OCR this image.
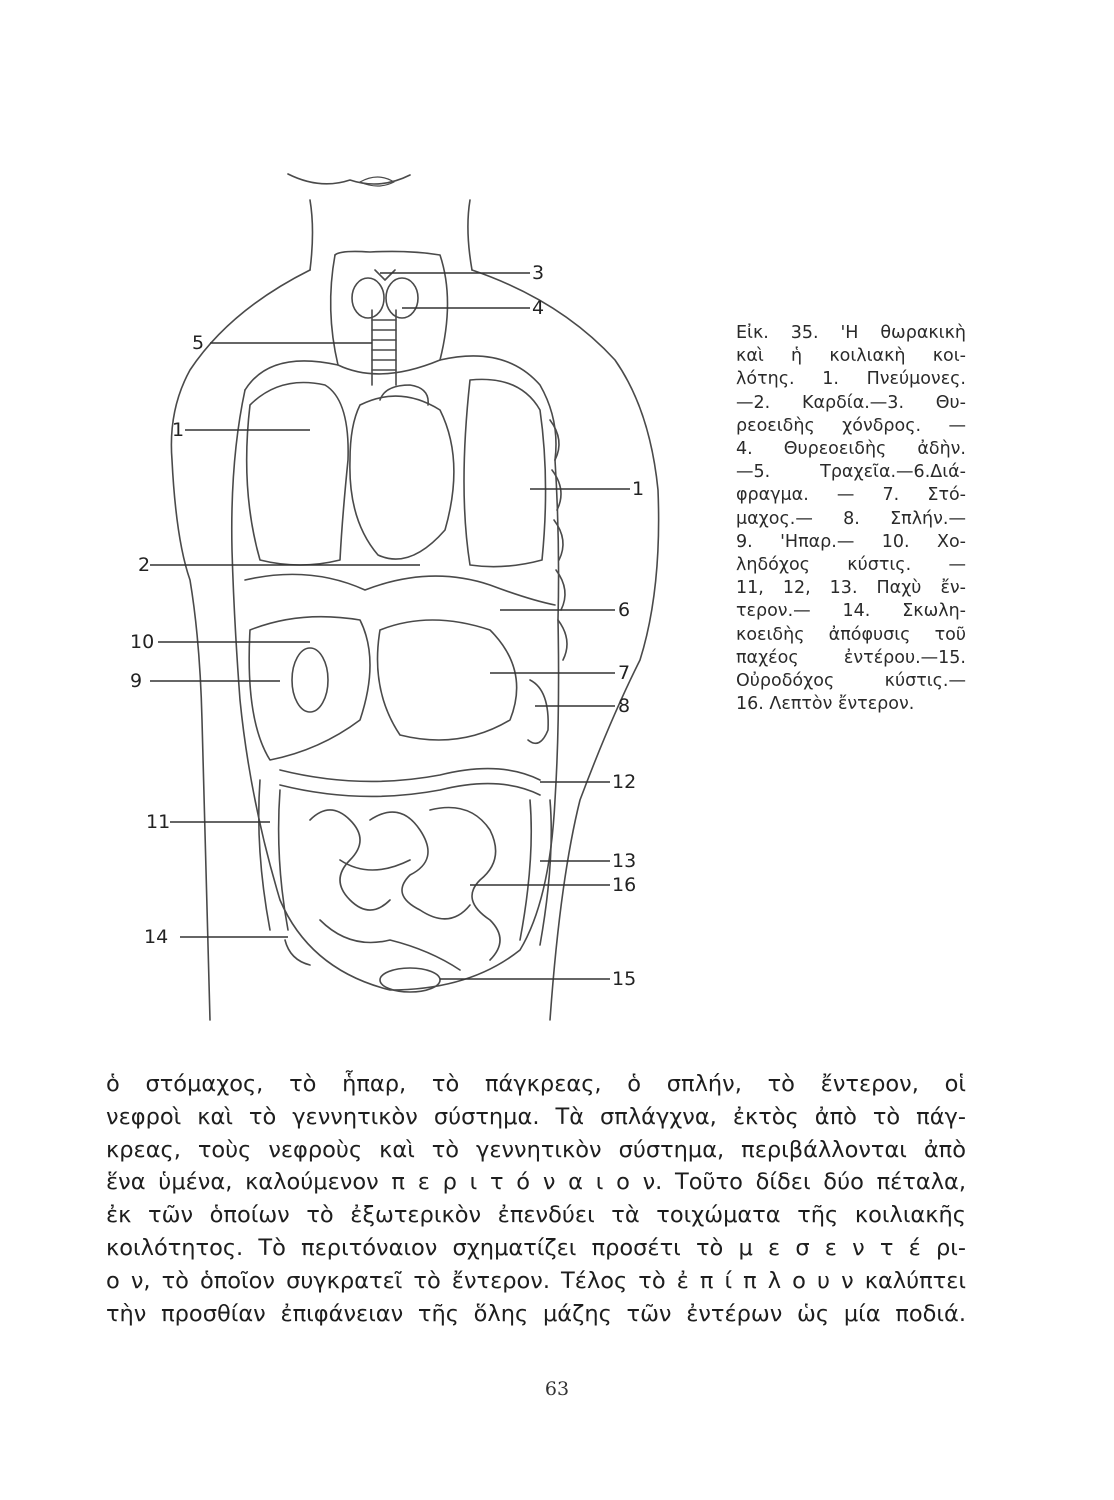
3
4
5
1
1
2
6
10
9	7
8
12
11
13
16
14
15

Εἰκ. 35. 'Η θωρακικὴ
καὶ ἡ κοιλιακὴ κοι-
λότης. 1. Πνεύμονες.
—2. Καρδία.—3. Θυ-
ρεοειδὴς χόνδρος. —
4. Θυρεοειδὴς ἀδὴν.
—5. Τραχεῖα.—6.Διά-
φραγμα. — 7. Στό-
μαχος.— 8. Σπλήν.—
9. 'Ηπαρ.— 10. Χο-
ληδόχος κύστις. —
11, 12, 13. Παχὺ ἔν-
τερον.— 14. Σκωλη-
κοειδὴς ἀπόφυσις τοῦ
παχέος ἐντέρου.—15.
Οὐροδόχος κύστις.—
16. Λεπτὸν ἔντερον.

ὁ στόμαχος, τὸ ἧπαρ, τὸ πάγκρεας, ὁ σπλήν, τὸ ἔντερον, οἱ
νεφροὶ καὶ τὸ γεννητικὸν σύστημα. Τὰ σπλάγχνα, ἐκτὸς ἀπὸ τὸ πάγ-
κρεας, τοὺς νεφροὺς καὶ τὸ γεννητικὸν σύστημα, περιβάλλονται ἀπὸ
ἕνα ὑμένα, καλούμενον π ε ρ ι τ ό ν α ι ο ν. Τοῦτο δίδει δύο πέταλα,
ἐκ τῶν ὁποίων τὸ ἐξωτερικὸν ἐπενδύει τὰ τοιχώματα τῆς κοιλιακῆς
κοιλότητος. Τὸ περιτόναιον σχηματίζει προσέτι τὸ μ ε σ ε ν τ έ ρι-
ο ν, τὸ ὁποῖον συγκρατεῖ τὸ ἔντερον. Τέλος τὸ ἐ π ί π λ ο υ ν καλύπτει
τὴν προσθίαν ἐπιφάνειαν τῆς ὅλης μάζης τῶν ἐντέρων ὡς μία ποδιά.

63
